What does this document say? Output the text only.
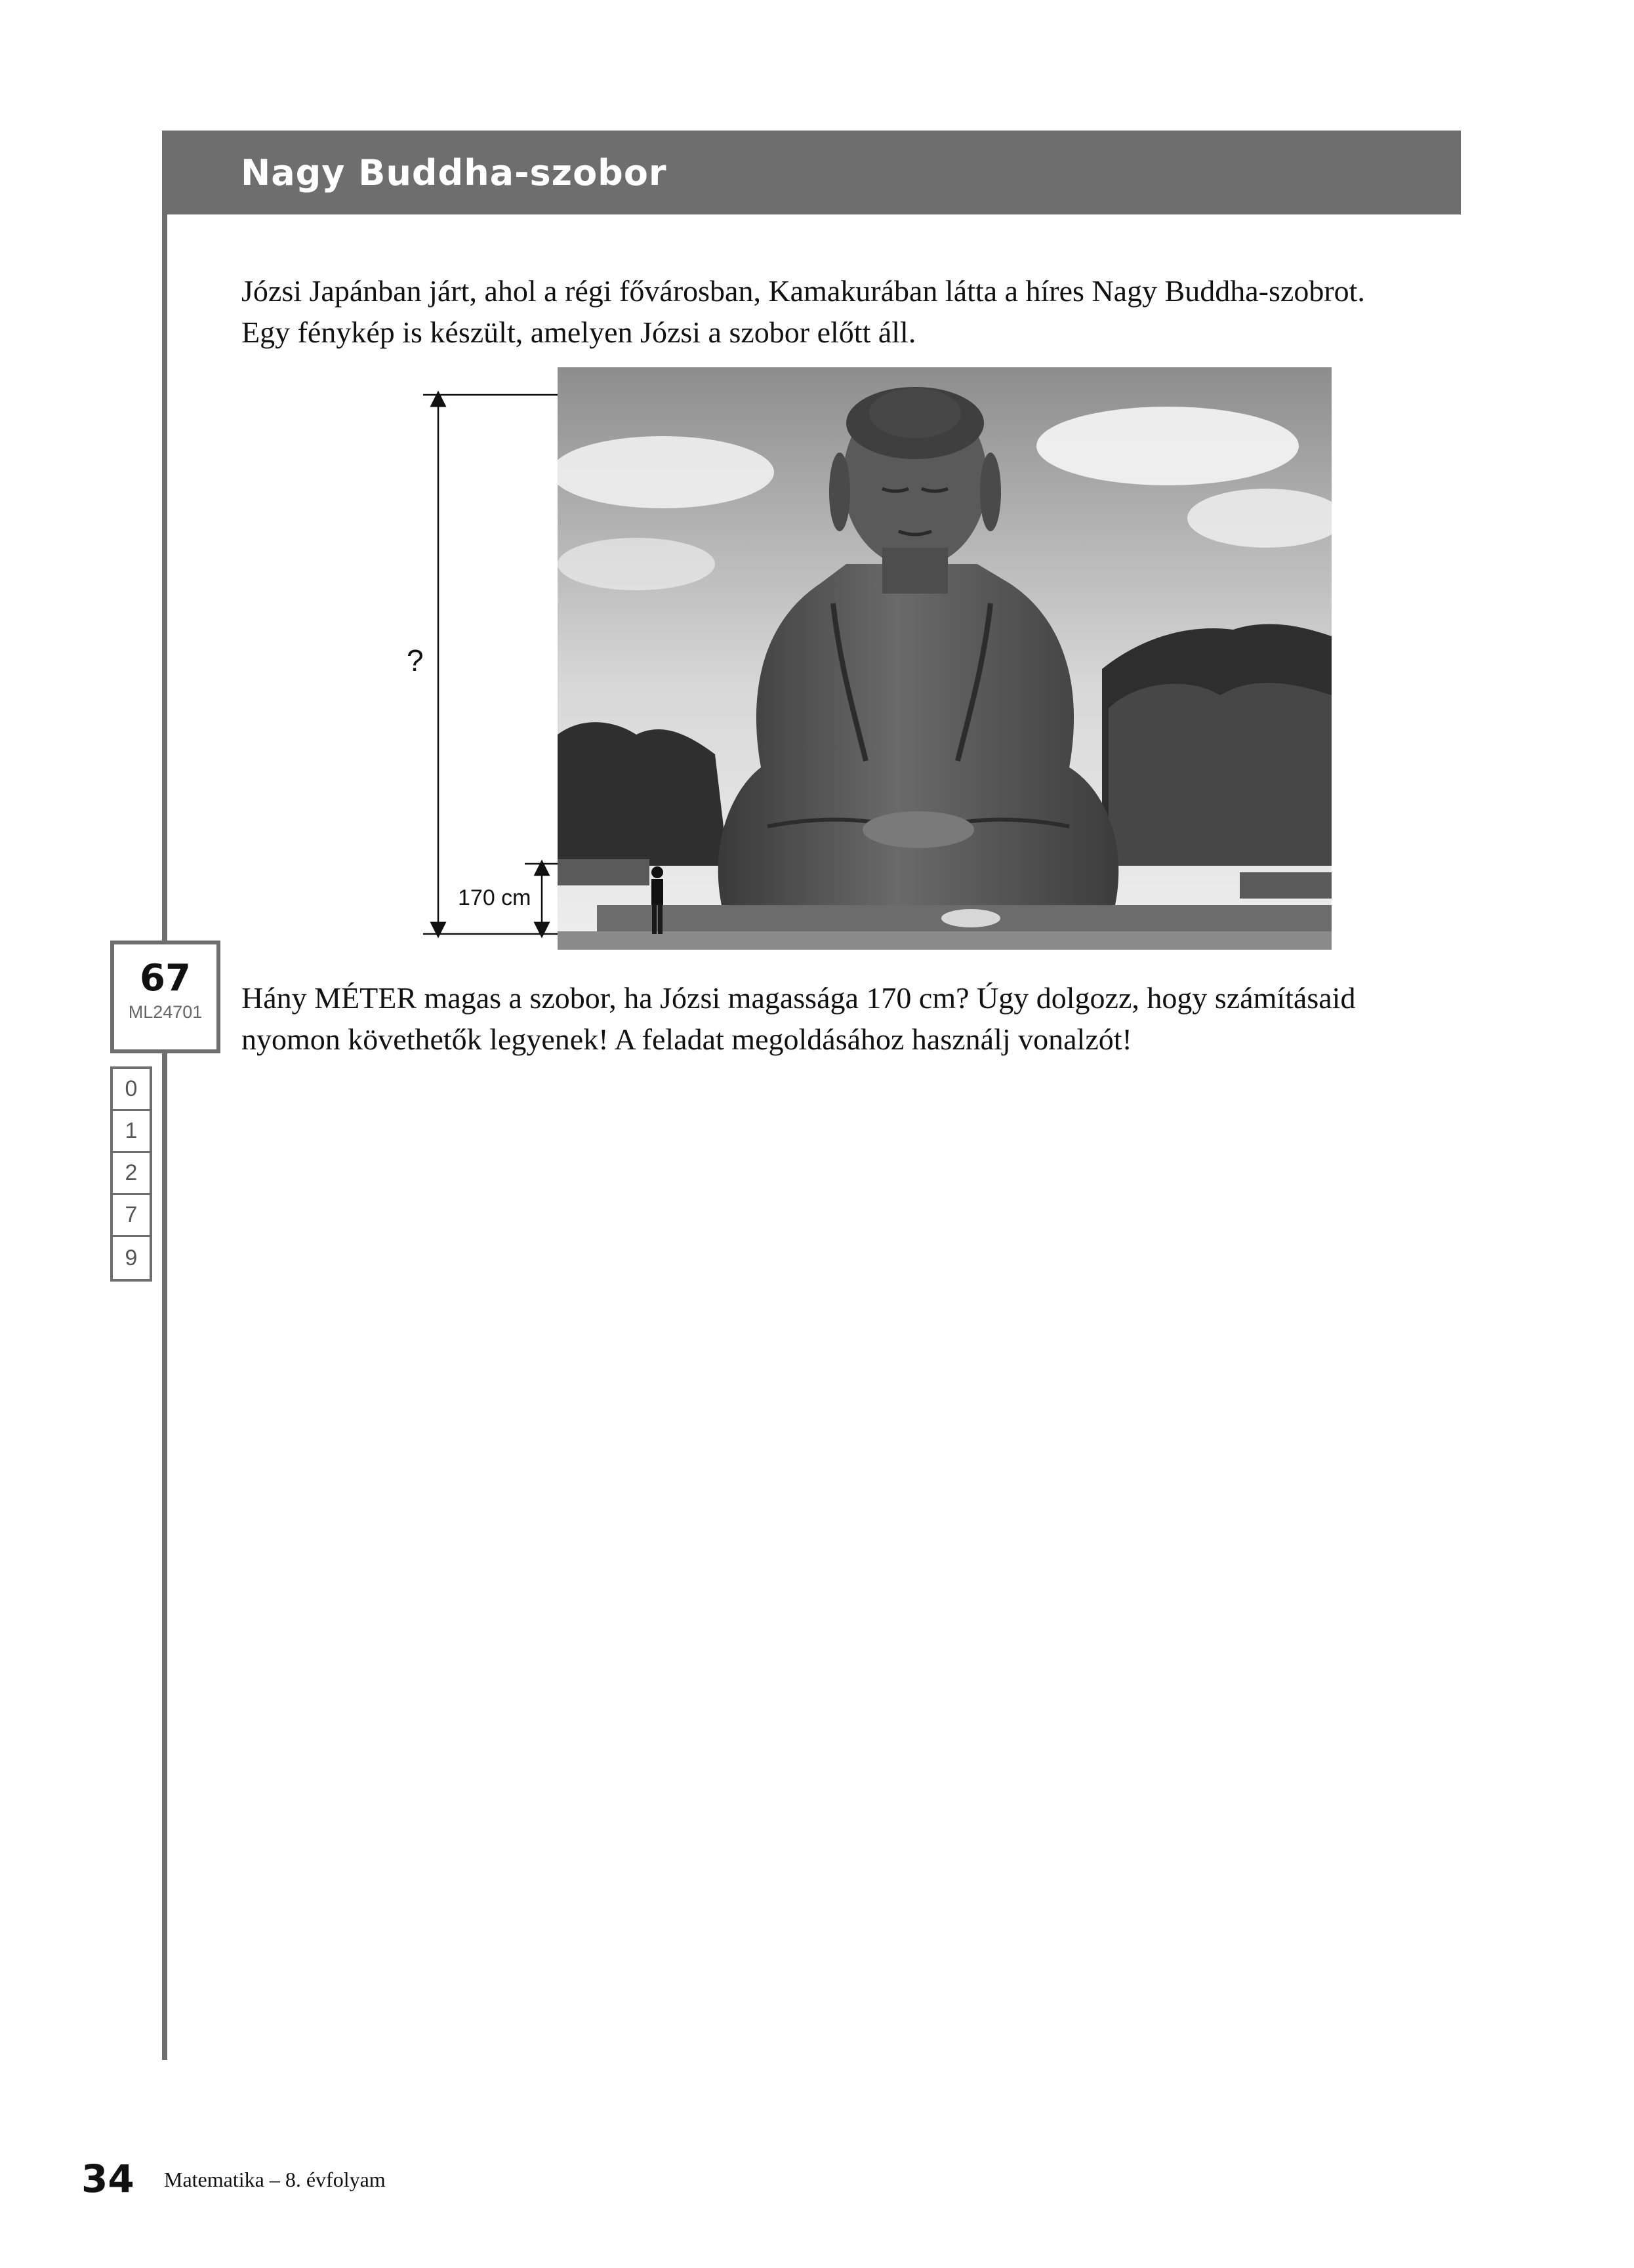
Nagy Buddha-szobor

Józsi Japánban járt, ahol a régi fővárosban, Kamakurában látta a híres Nagy Buddha-szobrot.

Egy fénykép is készült, amelyen Józsi a szobor előtt áll.

?
170 cm
67
ML24701
0
1
2
7
9

Hány MÉTER magas a szobor, ha Józsi magassága 170 cm? Úgy dolgozz, hogy számításaid

nyomon követhetők legyenek! A feladat megoldásához használj vonalzót!

34 Matematika – 8. évfolyam
